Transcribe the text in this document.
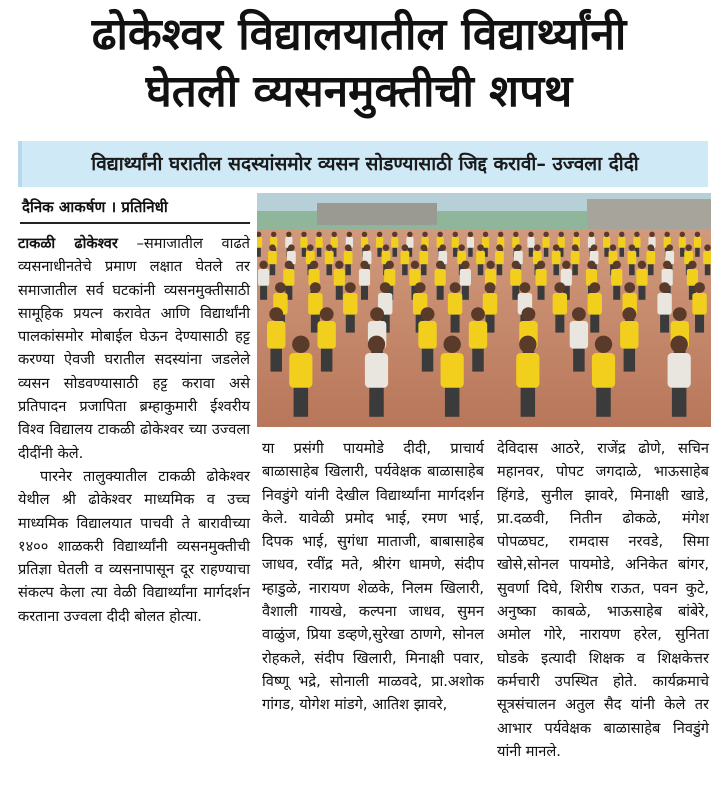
ढोकेश्वर विद्यालयातील विद्यार्थ्यांनी
घेतली व्यसनमुक्तीची शपथ
विद्यार्थ्यांनी घरातील सदस्यांसमोर व्यसन सोडण्यासाठी जिद्द करावी– उज्वला दीदी
दैनिक आकर्षण । प्रतिनिधी

टाकळी ढोकेश्वर –समाजातील वाढते व्यसनाधीनतेचे प्रमाण लक्षात घेतले तर समाजातील सर्व घटकांनी व्यसनमुक्तीसाठी सामूहिक प्रयत्न करावेत आणि विद्यार्थांनी पालकांसमोर मोबाईल घेऊन देण्यासाठी हट्ट करण्या ऐवजी घरातील सदस्यांना जडलेले व्यसन सोडवण्यासाठी हट्ट करावा असे प्रतिपादन प्रजापिता ब्रम्हाकुमारी ईश्वरीय विश्व विद्यालय टाकळी ढोकेश्वर च्या उज्वला दीदींनी केले.

पारनेर तालुक्यातील टाकळी ढोकेश्वर येथील श्री ढोकेश्वर माध्यमिक व उच्च माध्यमिक विद्यालयात पाचवी ते बारावीच्या १४०० शाळकरी विद्यार्थ्यांनी व्यसनमुक्तीची प्रतिज्ञा घेतली व व्यसनापासून दूर राहण्याचा संकल्प केला त्या वेळी विद्यार्थ्यांना मार्गदर्शन करताना उज्वला दीदी बोलत होत्या.

या प्रसंगी पायमोडे दीदी, प्राचार्य बाळासाहेब खिलारी, पर्यवेक्षक बाळासाहेब निवडुंगे यांनी देखील विद्यार्थ्यांना मार्गदर्शन केले. यावेळी प्रमोद भाई, रमण भाई, दिपक भाई, सुगंधा माताजी, बाबासाहेब जाधव, रवींद्र मते, श्रीरंग धामणे, संदीप म्हाडुळे, नारायण शेळके, निलम खिलारी, वैशाली गायखे, कल्पना जाधव, सुमन वाळुंज, प्रिया डव्हणे,सुरेखा ठाणगे, सोनल रोहकले, संदीप खिलारी, मिनाक्षी पवार, विष्णू भद्रे, सोनाली माळवदे, प्रा.अशोक गांगड, योगेश मांडगे, आतिश झावरे,

देविदास आठरे, राजेंद्र ढोणे, सचिन महानवर, पोपट जगदाळे, भाऊसाहेब हिंगडे, सुनील झावरे, मिनाक्षी खाडे, प्रा.दळवी, नितीन ढोकळे, मंगेश पोपळघट, रामदास नरवडे, सिमा खोसे,सोनल पायमोडे, अनिकेत बांगर, सुवर्णा दिघे, शिरीष राऊत, पवन कुटे, अनुष्का काबळे, भाऊसाहेब बांबेरे, अमोल गोरे, नारायण हरेल, सुनिता घोडके इत्यादी शिक्षक व शिक्षकेत्तर कर्मचारी उपस्थित होते. कार्यक्रमाचे सूत्रसंचालन अतुल सैद यांनी केले तर आभार पर्यवेक्षक बाळासाहेब निवडुंगे यांनी मानले.
